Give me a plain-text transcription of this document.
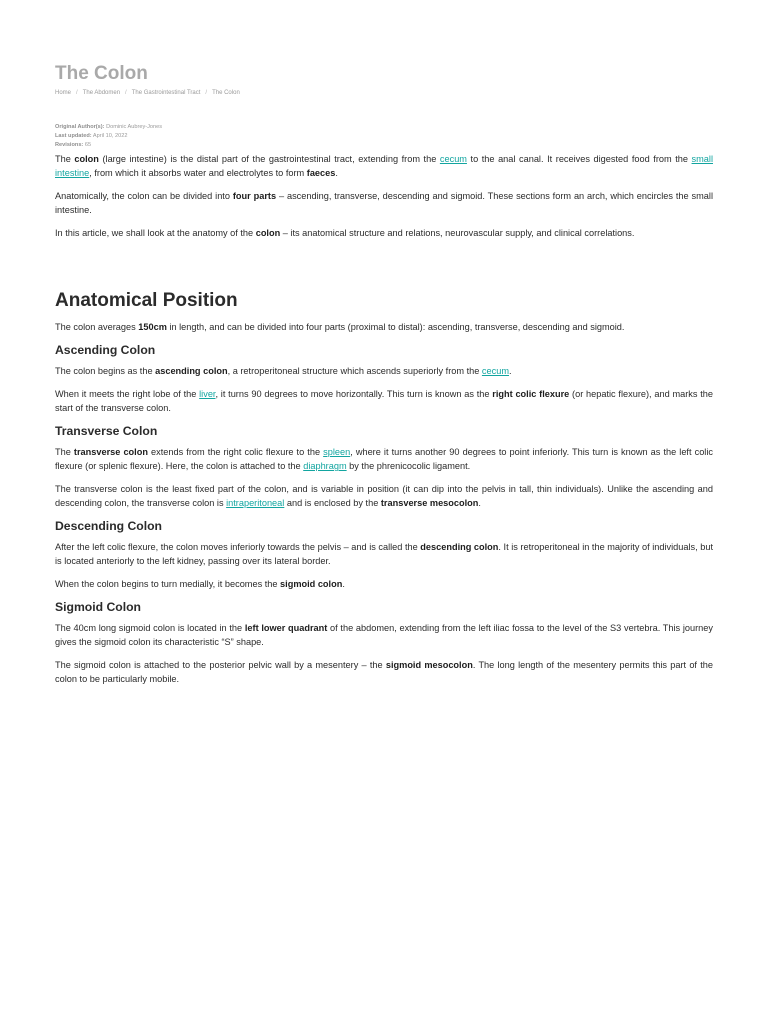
The Colon
Home / The Abdomen / The Gastrointestinal Tract / The Colon
Original Author(s): Dominic Aubrey-Jones
Last updated: April 10, 2022
Revisions: 65

The colon (large intestine) is the distal part of the gastrointestinal tract, extending from the cecum to the anal canal. It receives digested food from the small intestine, from which it absorbs water and electrolytes to form faeces.

Anatomically, the colon can be divided into four parts – ascending, transverse, descending and sigmoid. These sections form an arch, which encircles the small intestine.

In this article, we shall look at the anatomy of the colon – its anatomical structure and relations, neurovascular supply, and clinical correlations.

Anatomical Position

The colon averages 150cm in length, and can be divided into four parts (proximal to distal): ascending, transverse, descending and sigmoid.

Ascending Colon

The colon begins as the ascending colon, a retroperitoneal structure which ascends superiorly from the cecum.

When it meets the right lobe of the liver, it turns 90 degrees to move horizontally. This turn is known as the right colic flexure (or hepatic flexure), and marks the start of the transverse colon.

Transverse Colon

The transverse colon extends from the right colic flexure to the spleen, where it turns another 90 degrees to point inferiorly. This turn is known as the left colic flexure (or splenic flexure). Here, the colon is attached to the diaphragm by the phrenicocolic ligament.

The transverse colon is the least fixed part of the colon, and is variable in position (it can dip into the pelvis in tall, thin individuals). Unlike the ascending and descending colon, the transverse colon is intraperitoneal and is enclosed by the transverse mesocolon.

Descending Colon

After the left colic flexure, the colon moves inferiorly towards the pelvis – and is called the descending colon. It is retroperitoneal in the majority of individuals, but is located anteriorly to the left kidney, passing over its lateral border.

When the colon begins to turn medially, it becomes the sigmoid colon.

Sigmoid Colon

The 40cm long sigmoid colon is located in the left lower quadrant of the abdomen, extending from the left iliac fossa to the level of the S3 vertebra. This journey gives the sigmoid colon its characteristic “S” shape.

The sigmoid colon is attached to the posterior pelvic wall by a mesentery – the sigmoid mesocolon. The long length of the mesentery permits this part of the colon to be particularly mobile.
